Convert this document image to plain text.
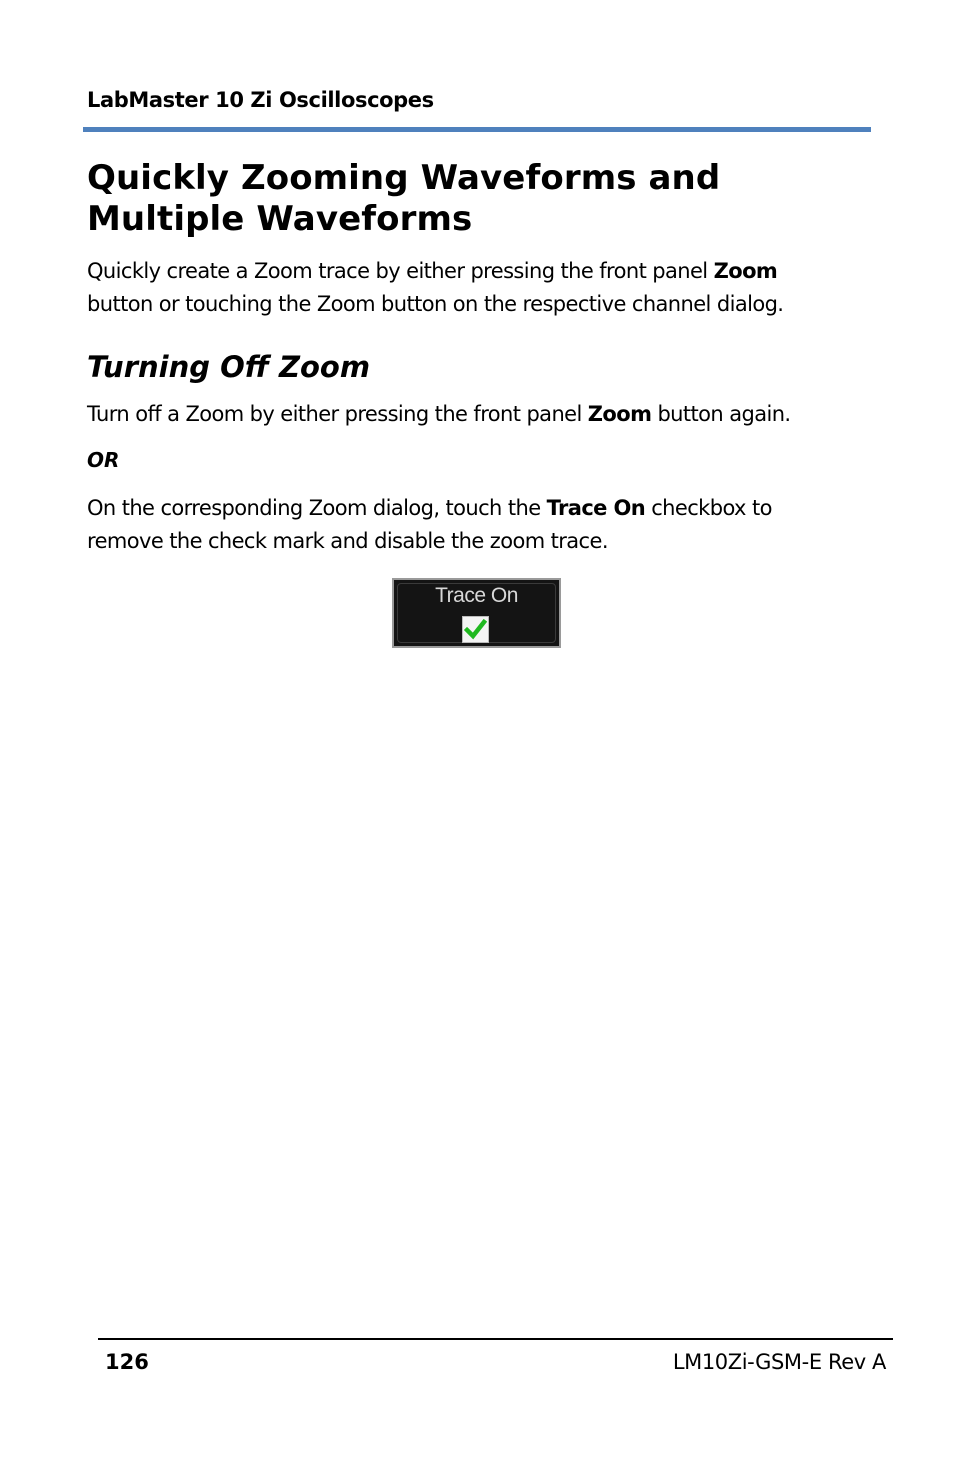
LabMaster 10 Zi Oscilloscopes
Quickly Zooming Waveforms and Multiple Waveforms

Quickly create a Zoom trace by either pressing the front panel Zoom
button or touching the Zoom button on the respective channel dialog.

Turning Off Zoom

Turn off a Zoom by either pressing the front panel Zoom button again.

OR

On the corresponding Zoom dialog, touch the Trace On checkbox to
remove the check mark and disable the zoom trace.

Trace On
126	LM10Zi-GSM-E Rev A
